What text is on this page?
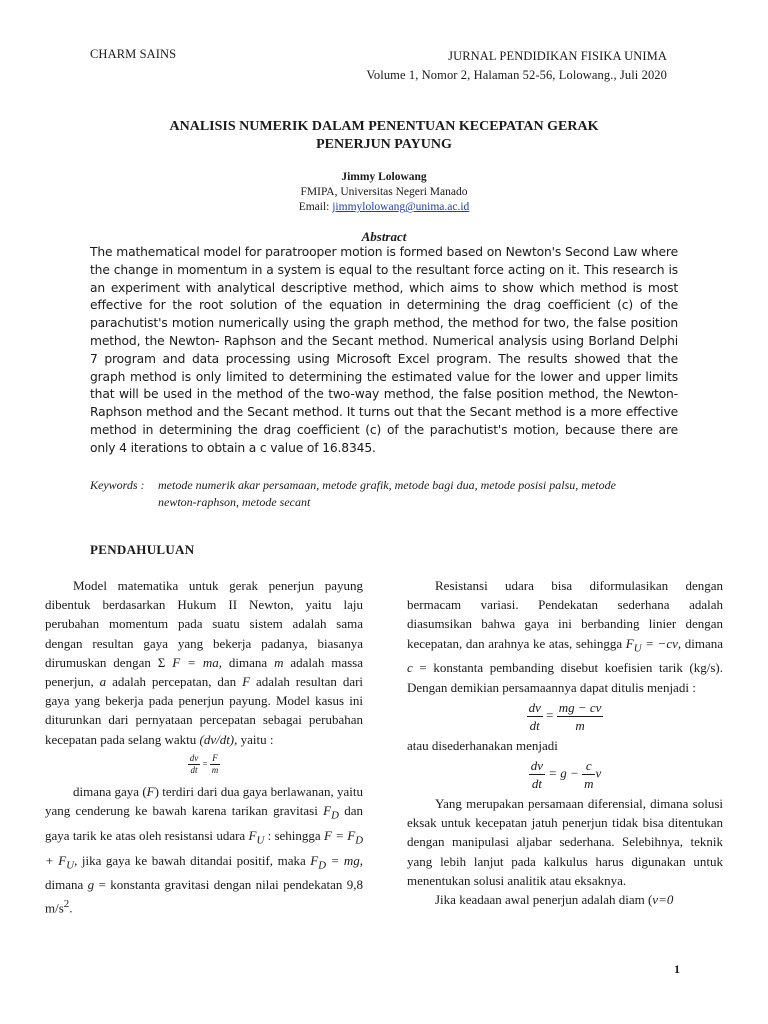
CHARM SAINS	JURNAL PENDIDIKAN FISIKA UNIMA
Volume 1, Nomor 2, Halaman 52-56, Lolowang., Juli 2020
ANALISIS NUMERIK DALAM PENENTUAN KECEPATAN GERAK
PENERJUN PAYUNG
Jimmy Lolowang
FMIPA, Universitas Negeri Manado
Email: jimmylolowang@unima.ac.id
Abstract
The mathematical model for paratrooper motion is formed based on Newton's Second Law where the change in momentum in a system is equal to the resultant force acting on it. This research is an experiment with analytical descriptive method, which aims to show which method is most effective for the root solution of the equation in determining the drag coefficient (c) of the parachutist's motion numerically using the graph method, the method for two, the false position method, the Newton- Raphson and the Secant method. Numerical analysis using Borland Delphi 7 program and data processing using Microsoft Excel program. The results showed that the graph method is only limited to determining the estimated value for the lower and upper limits that will be used in the method of the two-way method, the false position method, the Newton-Raphson method and the Secant method. It turns out that the Secant method is a more effective method in determining the drag coefficient (c) of the parachutist's motion, because there are only 4 iterations to obtain a c value of 16.8345.
Keywords : metode numerik akar persamaan, metode grafik, metode bagi dua, metode posisi palsu, metode
newton-raphson, metode secant
PENDAHULUAN

Model matematika untuk gerak penerjun payung dibentuk berdasarkan Hukum II Newton, yaitu laju perubahan momentum pada suatu sistem adalah sama dengan resultan gaya yang bekerja padanya, biasanya dirumuskan dengan Σ F = ma, dimana m adalah massa penerjun, a adalah percepatan, dan F adalah resultan dari gaya yang bekerja pada penerjun payung. Model kasus ini diturunkan dari pernyataan percepatan sebagai perubahan kecepatan pada selang waktu (dv/dt), yaitu :

$\frac{dv}{dt} = \frac{F}{m}$

dimana gaya (F) terdiri dari dua gaya berlawanan, yaitu yang cenderung ke bawah karena tarikan gravitasi $F_D$ dan gaya tarik ke atas oleh resistansi udara $F_U$ : sehingga $F = F_D + F_U$, jika gaya ke bawah ditandai positif, maka $F_D$ = mg, dimana g = konstanta gravitasi dengan nilai pendekatan 9,8 $m/s^2$.

Resistansi udara bisa diformulasikan dengan bermacam variasi. Pendekatan sederhana adalah diasumsikan bahwa gaya ini berbanding linier dengan kecepatan, dan arahnya ke atas, sehingga $F_U = -cv$, dimana c = konstanta pembanding disebut koefisien tarik (kg/s). Dengan demikian persamaannya dapat ditulis menjadi :

$\frac{dv}{dt} = \frac{mg - cv}{m}$

atau disederhanakan menjadi

$\frac{dv}{dt} = g - \frac{c}{m}$ v

Yang merupakan persamaan diferensial, dimana solusi eksak untuk kecepatan jatuh penerjun tidak bisa ditentukan dengan manipulasi aljabar sederhana. Selebihnya, teknik yang lebih lanjut pada kalkulus harus digunakan untuk menentukan solusi analitik atau eksaknya.

Jika keadaan awal penerjun adalah diam (v=0

1
